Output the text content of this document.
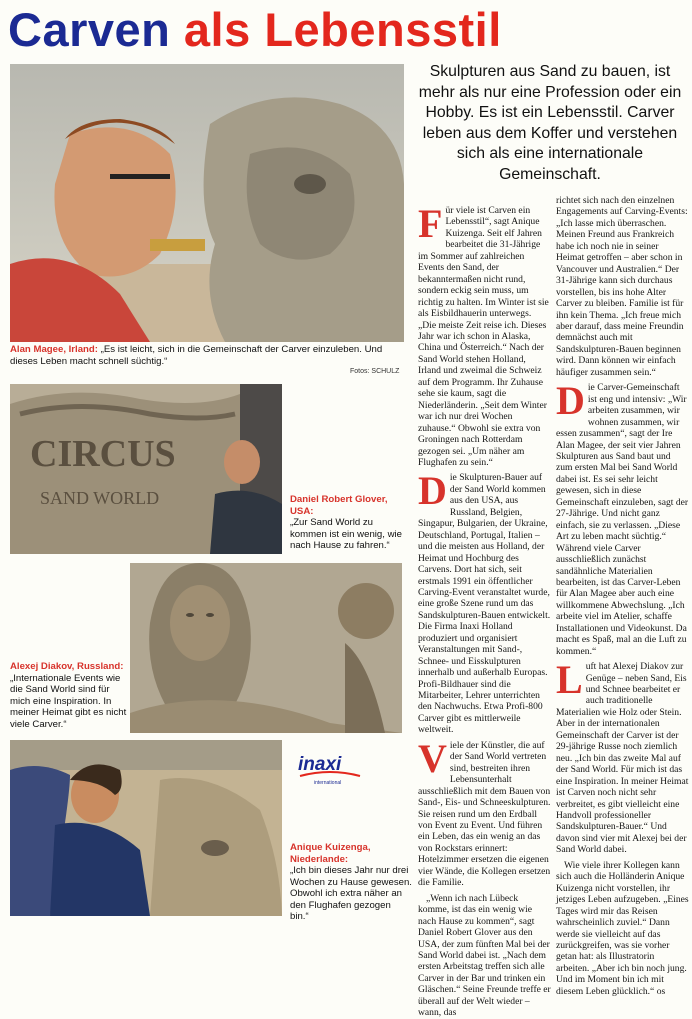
Carven als Lebensstil
Alan Magee, Irland: „Es ist leicht, sich in die Gemeinschaft der Carver einzuleben. Und dieses Leben macht schnell süchtig.“
Fotos: SCHULZ
Skulpturen aus Sand zu bauen, ist mehr als nur eine Profession oder ein Hobby. Es ist ein Lebensstil. Carver leben aus dem Koffer und verstehen sich als eine internationale Gemeinschaft.
CIRCUS
SAND WORLD	Daniel Robert Glover, USA:
„Zur Sand World zu kommen ist ein wenig, wie nach Hause zu fahren.“
Alexej Diakov, Russland:
„Internationale Events wie die Sand World sind für mich eine Inspiration. In meiner Heimat gibt es nicht viele Carver.“
inaxi
international
Anique Kuizenga, Niederlande:
„Ich bin dieses Jahr nur drei Wochen zu Hause gewesen. Obwohl ich extra näher an den Flughafen gezogen bin.“

Für viele ist Carven ein Lebensstil“, sagt Anique Kuizenga. Seit elf Jahren bearbeitet die 31-Jährige im Sommer auf zahlreichen Events den Sand, der bekanntermaßen nicht rund, sondern eckig sein muss, um richtig zu halten. Im Winter ist sie als Eisbildhauerin unterwegs. „Die meiste Zeit reise ich. Dieses Jahr war ich schon in Alaska, China und Österreich.“ Nach der Sand World stehen Holland, Irland und zweimal die Schweiz auf dem Programm. Ihr Zuhause sehe sie kaum, sagt die Niederländerin. „Seit dem Winter war ich nur drei Wochen zuhause.“ Obwohl sie extra von Groningen nach Rotterdam gezogen sei. „Um näher am Flughafen zu sein.“

Die Skulpturen-Bauer auf der Sand World kommen aus den USA, aus Russland, Belgien, Singapur, Bulgarien, der Ukraine, Deutschland, Portugal, Italien – und die meisten aus Holland, der Heimat und Hochburg des Carvens. Dort hat sich, seit erstmals 1991 ein öffentlicher Carving-Event veranstaltet wurde, eine große Szene rund um das Sandskulpturen-Bauen entwickelt. Die Firma Inaxi Holland produziert und organisiert Veranstaltungen mit Sand-, Schnee- und Eisskulpturen innerhalb und außerhalb Europas. Profi-Bildhauer sind die Mitarbeiter, Lehrer unterrichten den Nachwuchs. Etwa Profi-800 Carver gibt es mittlerweile weltweit.

Viele der Künstler, die auf der Sand World vertreten sind, bestreiten ihren Lebensunterhalt ausschließlich mit dem Bauen von Sand-, Eis- und Schneeskulpturen. Sie reisen rund um den Erdball von Event zu Event. Und führen ein Leben, das ein wenig an das von Rockstars erinnert: Hotelzimmer ersetzen die eigenen vier Wände, die Kollegen ersetzen die Familie.

„Wenn ich nach Lübeck komme, ist das ein wenig wie nach Hause zu kommen“, sagt Daniel Robert Glover aus den USA, der zum fünften Mal bei der Sand World dabei ist. „Nach dem ersten Arbeitstag treffen sich alle Carver in der Bar und trinken ein Gläschen.“ Seine Freunde treffe er überall auf der Welt wieder – wann, das

richtet sich nach den einzelnen Engagements auf Carving-Events: „Ich lasse mich überraschen. Meinen Freund aus Frankreich habe ich noch nie in seiner Heimat getroffen – aber schon in Vancouver und Australien.“ Der 31-Jährige kann sich durchaus vorstellen, bis ins hohe Alter Carver zu bleiben. Familie ist für ihn kein Thema. „Ich freue mich aber darauf, dass meine Freundin demnächst auch mit Sandskulpturen-Bauen beginnen wird. Dann können wir einfach häufiger zusammen sein.“

Die Carver-Gemeinschaft ist eng und intensiv: „Wir arbeiten zusammen, wir wohnen zusammen, wir essen zusammen“, sagt der Ire Alan Magee, der seit vier Jahren Skulpturen aus Sand baut und zum ersten Mal bei Sand World dabei ist. Es sei sehr leicht gewesen, sich in diese Gemeinschaft einzuleben, sagt der 27-Jährige. Und nicht ganz einfach, sie zu verlassen. „Diese Art zu leben macht süchtig.“ Während viele Carver ausschließlich zunächst sandähnliche Materialien bearbeiten, ist das Carver-Leben für Alan Magee aber auch eine willkommene Abwechslung. „Ich arbeite viel im Atelier, schaffe Installationen und Videokunst. Da macht es Spaß, mal an die Luft zu kommen.“

Luft hat Alexej Diakov zur Genüge – neben Sand, Eis und Schnee bearbeitet er auch traditionelle Materialien wie Holz oder Stein. Aber in der internationalen Gemeinschaft der Carver ist der 29-jährige Russe noch ziemlich neu. „Ich bin das zweite Mal auf der Sand World. Für mich ist das eine Inspiration. In meiner Heimat ist Carven noch nicht sehr verbreitet, es gibt vielleicht eine Handvoll professioneller Sandskulpturen-Bauer.“ Und davon sind vier mit Alexej bei der Sand World dabei.

Wie viele ihrer Kollegen kann sich auch die Holländerin Anique Kuizenga nicht vorstellen, ihr jetziges Leben aufzugeben. „Eines Tages wird mir das Reisen wahrscheinlich zuviel.“ Dann werde sie vielleicht auf das zurückgreifen, was sie vorher getan hat: als Illustratorin arbeiten. „Aber ich bin noch jung. Und im Moment bin ich mit diesem Leben glücklich.“ os
